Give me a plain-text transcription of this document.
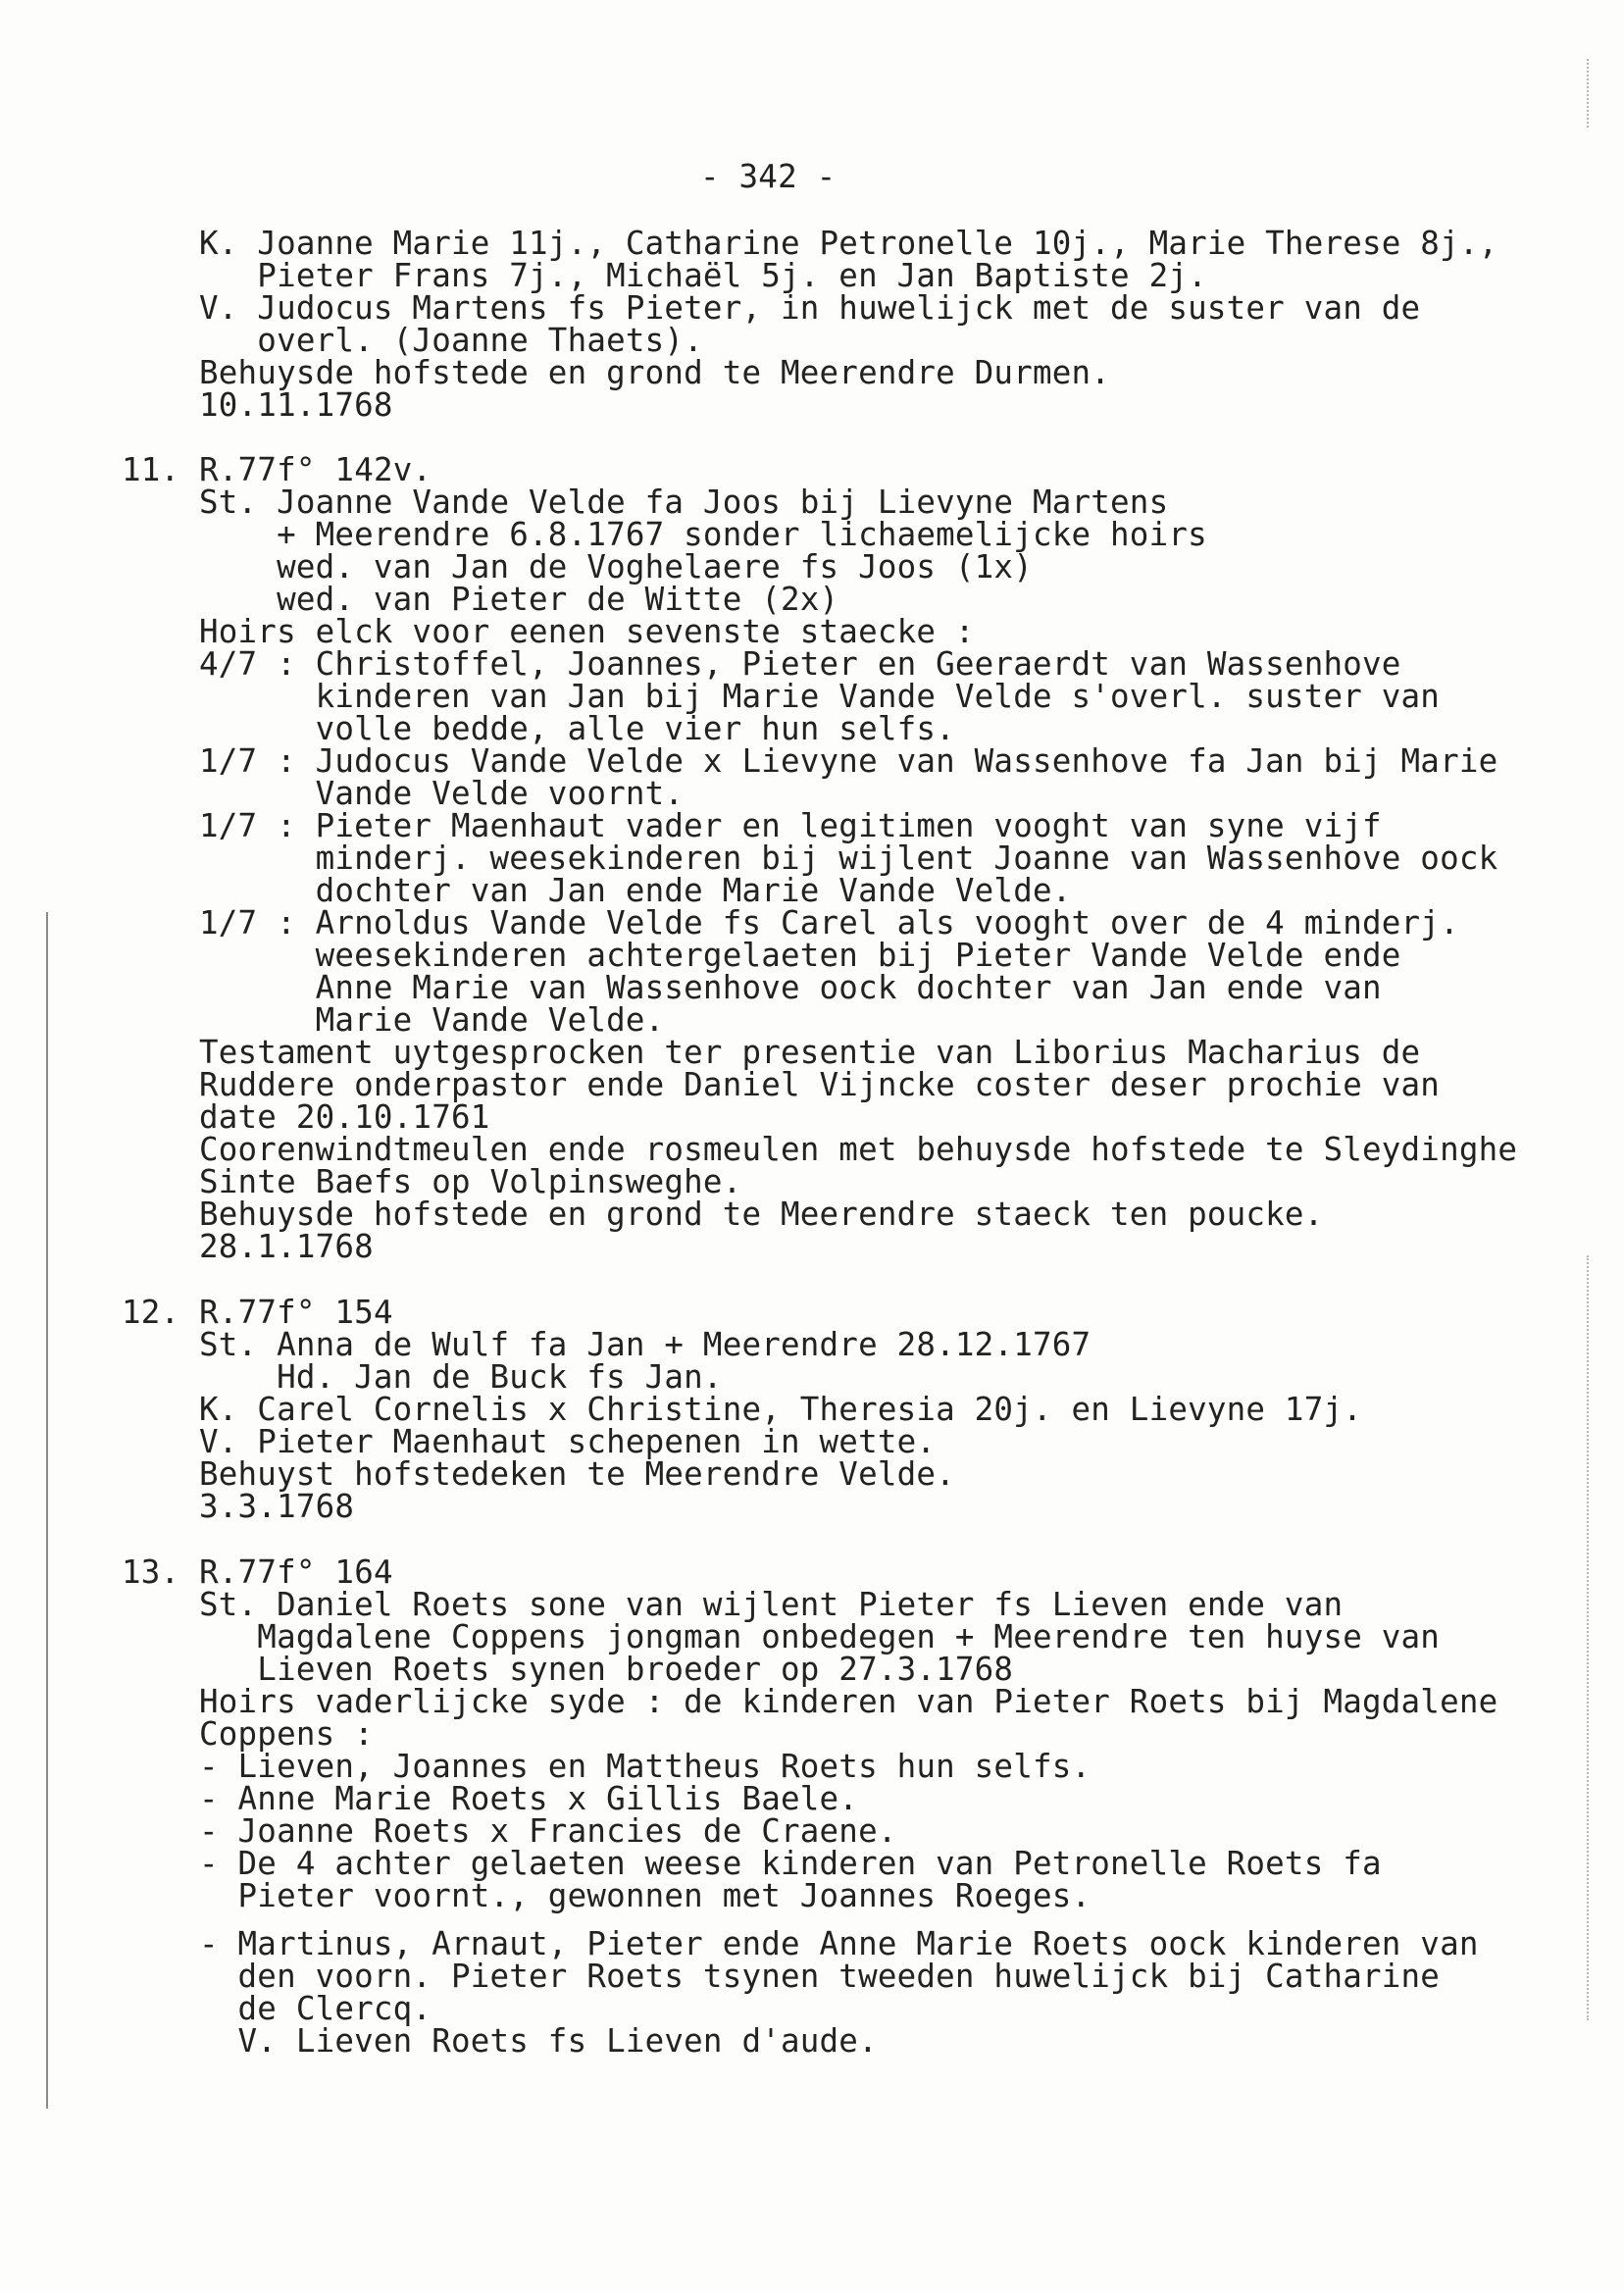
- 342 -
K. Joanne Marie 11j., Catharine Petronelle 10j., Marie Therese 8j.,
Pieter Frans 7j., Michaël 5j. en Jan Baptiste 2j.
V. Judocus Martens fs Pieter, in huwelijck met de suster van de
overl. (Joanne Thaets).
Behuysde hofstede en grond te Meerendre Durmen.
10.11.1768
11. R.77f° 142v.
St. Joanne Vande Velde fa Joos bij Lievyne Martens
+ Meerendre 6.8.1767 sonder lichaemelijcke hoirs
wed. van Jan de Voghelaere fs Joos (1x)
wed. van Pieter de Witte (2x)
Hoirs elck voor eenen sevenste staecke :
4/7 : Christoffel, Joannes, Pieter en Geeraerdt van Wassenhove
kinderen van Jan bij Marie Vande Velde s'overl. suster van
volle bedde, alle vier hun selfs.
1/7 : Judocus Vande Velde x Lievyne van Wassenhove fa Jan bij Marie
Vande Velde voornt.
1/7 : Pieter Maenhaut vader en legitimen vooght van syne vijf
minderj. weesekinderen bij wijlent Joanne van Wassenhove oock
dochter van Jan ende Marie Vande Velde.
1/7 : Arnoldus Vande Velde fs Carel als vooght over de 4 minderj.
weesekinderen achtergelaeten bij Pieter Vande Velde ende
Anne Marie van Wassenhove oock dochter van Jan ende van
Marie Vande Velde.
Testament uytgesprocken ter presentie van Liborius Macharius de
Ruddere onderpastor ende Daniel Vijncke coster deser prochie van
date 20.10.1761
Coorenwindtmeulen ende rosmeulen met behuysde hofstede te Sleydinghe
Sinte Baefs op Volpinsweghe.
Behuysde hofstede en grond te Meerendre staeck ten poucke.
28.1.1768
12. R.77f° 154
St. Anna de Wulf fa Jan + Meerendre 28.12.1767
Hd. Jan de Buck fs Jan.
K. Carel Cornelis x Christine, Theresia 20j. en Lievyne 17j.
V. Pieter Maenhaut schepenen in wette.
Behuyst hofstedeken te Meerendre Velde.
3.3.1768
13. R.77f° 164
St. Daniel Roets sone van wijlent Pieter fs Lieven ende van
Magdalene Coppens jongman onbedegen + Meerendre ten huyse van
Lieven Roets synen broeder op 27.3.1768
Hoirs vaderlijcke syde : de kinderen van Pieter Roets bij Magdalene
Coppens :
- Lieven, Joannes en Mattheus Roets hun selfs.
- Anne Marie Roets x Gillis Baele.
- Joanne Roets x Francies de Craene.
- De 4 achter gelaeten weese kinderen van Petronelle Roets fa
Pieter voornt., gewonnen met Joannes Roeges.
- Martinus, Arnaut, Pieter ende Anne Marie Roets oock kinderen van
den voorn. Pieter Roets tsynen tweeden huwelijck bij Catharine
de Clercq.
V. Lieven Roets fs Lieven d'aude.
